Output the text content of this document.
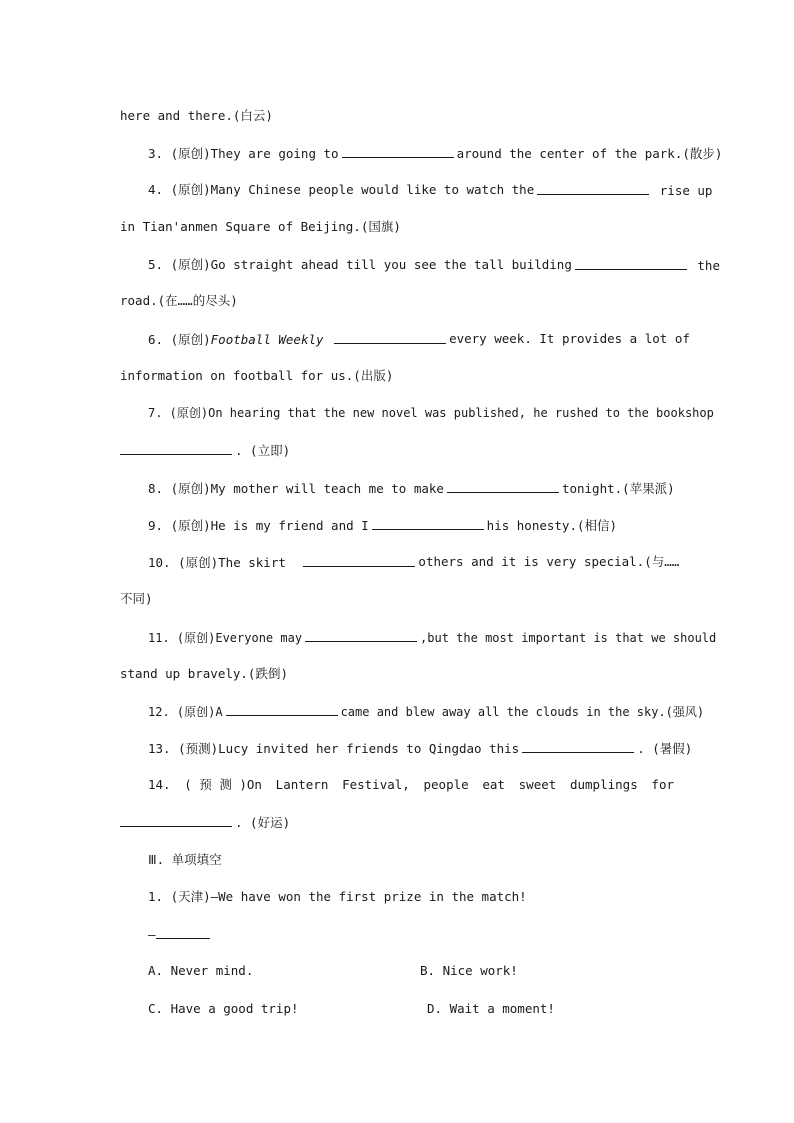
here and there.(白云)
3. (原创)They are going to	around the center of the park.(散步)
4. (原创)Many Chinese people would like to watch the	rise up
in Tian'anmen Square of Beijing.(国旗)
5. (原创)Go straight ahead till you see the tall building	the
road.(在……的尽头)
6. (原创)Football Weekly	every week. It provides a lot of
information on football for us.(出版)
7. (原创)On hearing that the new novel was published, he rushed to the bookshop
. (立即)
8. (原创)My mother will teach me to make	tonight.(苹果派)
9. (原创)He is my friend and I	his honesty.(相信)
10. (原创)The skirt	others and it is very special.(与……
不同)
11. (原创)Everyone may	,but the most important is that we should
stand up bravely.(跌倒)
12. (原创)A	came and blew away all the clouds in the sky.(强风)
13. (预测)Lucy invited her friends to Qingdao this	. (暑假)
14. ( 预 测 )On Lantern Festival, people eat sweet dumplings for
. (好运)
Ⅲ. 单项填空
1. (天津)—We have won the first prize in the match!
—
A. Never mind.	B. Nice work!
C. Have a good trip!	D. Wait a moment!
